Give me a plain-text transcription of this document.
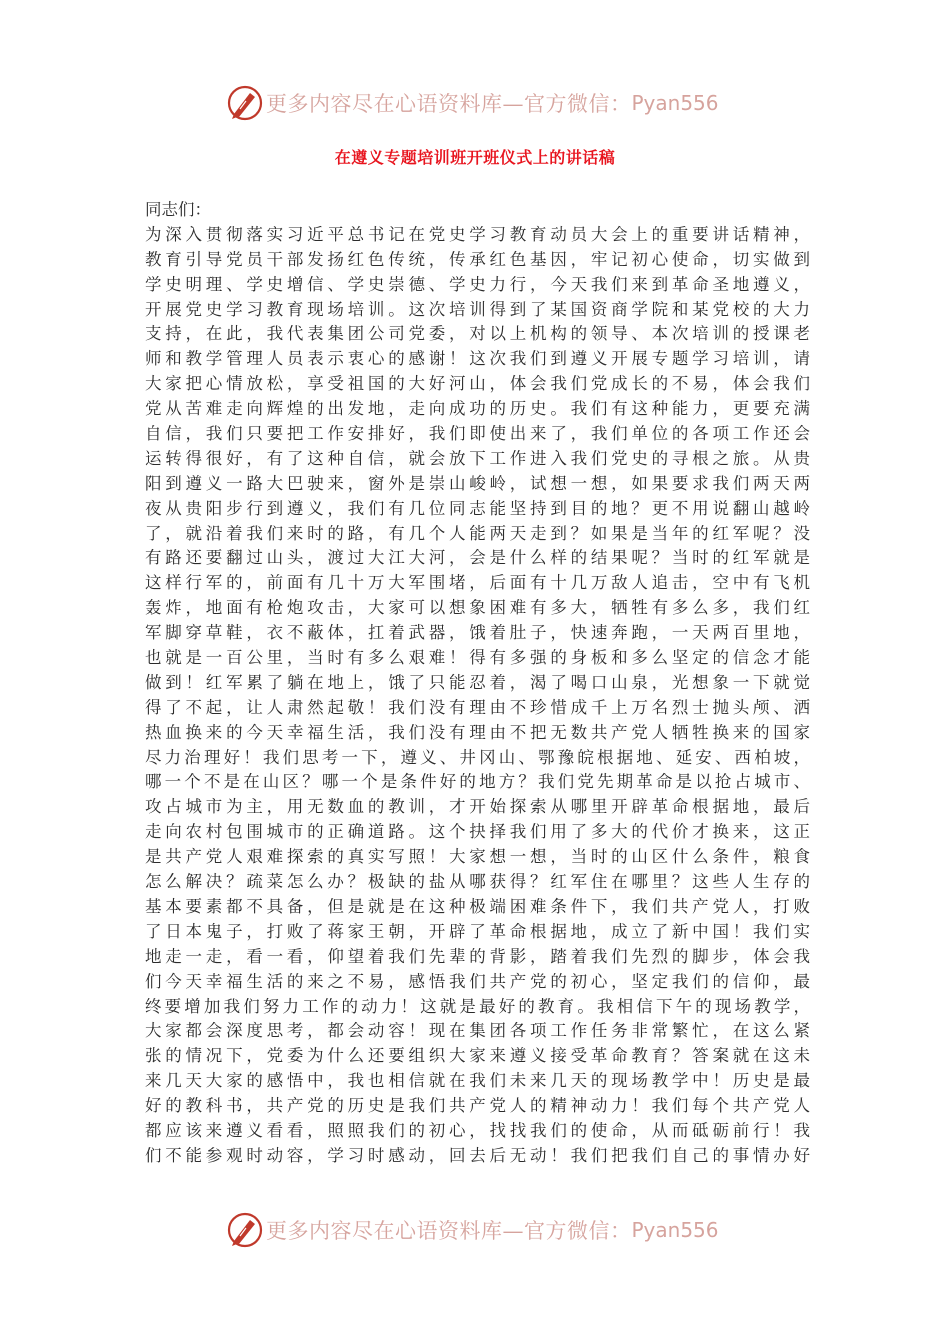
更多内容尽在心语资料库—官方微信： Pyan556
在遵义专题培训班开班仪式上的讲话稿
同志们：
为深入贯彻落实习近平总书记在党史学习教育动员大会上的重要讲话精神，
教育引导党员干部发扬红色传统，传承红色基因，牢记初心使命，切实做到
学史明理、学史增信、学史崇德、学史力行，今天我们来到革命圣地遵义，
开展党史学习教育现场培训。这次培训得到了某国资商学院和某党校的大力
支持，在此，我代表集团公司党委，对以上机构的领导、本次培训的授课老
师和教学管理人员表示衷心的感谢！这次我们到遵义开展专题学习培训，请
大家把心情放松，享受祖国的大好河山，体会我们党成长的不易，体会我们
党从苦难走向辉煌的出发地，走向成功的历史。我们有这种能力，更要充满
自信，我们只要把工作安排好，我们即使出来了，我们单位的各项工作还会
运转得很好，有了这种自信，就会放下工作进入我们党史的寻根之旅。从贵
阳到遵义一路大巴驶来，窗外是崇山峻岭，试想一想，如果要求我们两天两
夜从贵阳步行到遵义，我们有几位同志能坚持到目的地？更不用说翻山越岭
了，就沿着我们来时的路，有几个人能两天走到？如果是当年的红军呢？没
有路还要翻过山头，渡过大江大河，会是什么样的结果呢？当时的红军就是
这样行军的，前面有几十万大军围堵，后面有十几万敌人追击，空中有飞机
轰炸，地面有枪炮攻击，大家可以想象困难有多大，牺牲有多么多，我们红
军脚穿草鞋，衣不蔽体，扛着武器，饿着肚子，快速奔跑，一天两百里地，
也就是一百公里，当时有多么艰难！得有多强的身板和多么坚定的信念才能
做到！红军累了躺在地上，饿了只能忍着，渴了喝口山泉，光想象一下就觉
得了不起，让人肃然起敬！我们没有理由不珍惜成千上万名烈士抛头颅、洒
热血换来的今天幸福生活，我们没有理由不把无数共产党人牺牲换来的国家
尽力治理好！我们思考一下，遵义、井冈山、鄂豫皖根据地、延安、西柏坡，
哪一个不是在山区？哪一个是条件好的地方？我们党先期革命是以抢占城市、
攻占城市为主，用无数血的教训，才开始探索从哪里开辟革命根据地，最后
走向农村包围城市的正确道路。这个抉择我们用了多大的代价才换来，这正
是共产党人艰难探索的真实写照！大家想一想，当时的山区什么条件，粮食
怎么解决？疏菜怎么办？极缺的盐从哪获得？红军住在哪里？这些人生存的
基本要素都不具备，但是就是在这种极端困难条件下，我们共产党人，打败
了日本鬼子，打败了蒋家王朝，开辟了革命根据地，成立了新中国！我们实
地走一走，看一看，仰望着我们先辈的背影，踏着我们先烈的脚步，体会我
们今天幸福生活的来之不易，感悟我们共产党的初心，坚定我们的信仰，最
终要增加我们努力工作的动力！这就是最好的教育。我相信下午的现场教学，
大家都会深度思考，都会动容！现在集团各项工作任务非常繁忙，在这么紧
张的情况下，党委为什么还要组织大家来遵义接受革命教育？答案就在这未
来几天大家的感悟中，我也相信就在我们未来几天的现场教学中！历史是最
好的教科书，共产党的历史是我们共产党人的精神动力！我们每个共产党人
都应该来遵义看看，照照我们的初心，找找我们的使命，从而砥砺前行！我
们不能参观时动容，学习时感动，回去后无动！我们把我们自己的事情办好
更多内容尽在心语资料库—官方微信： Pyan556
